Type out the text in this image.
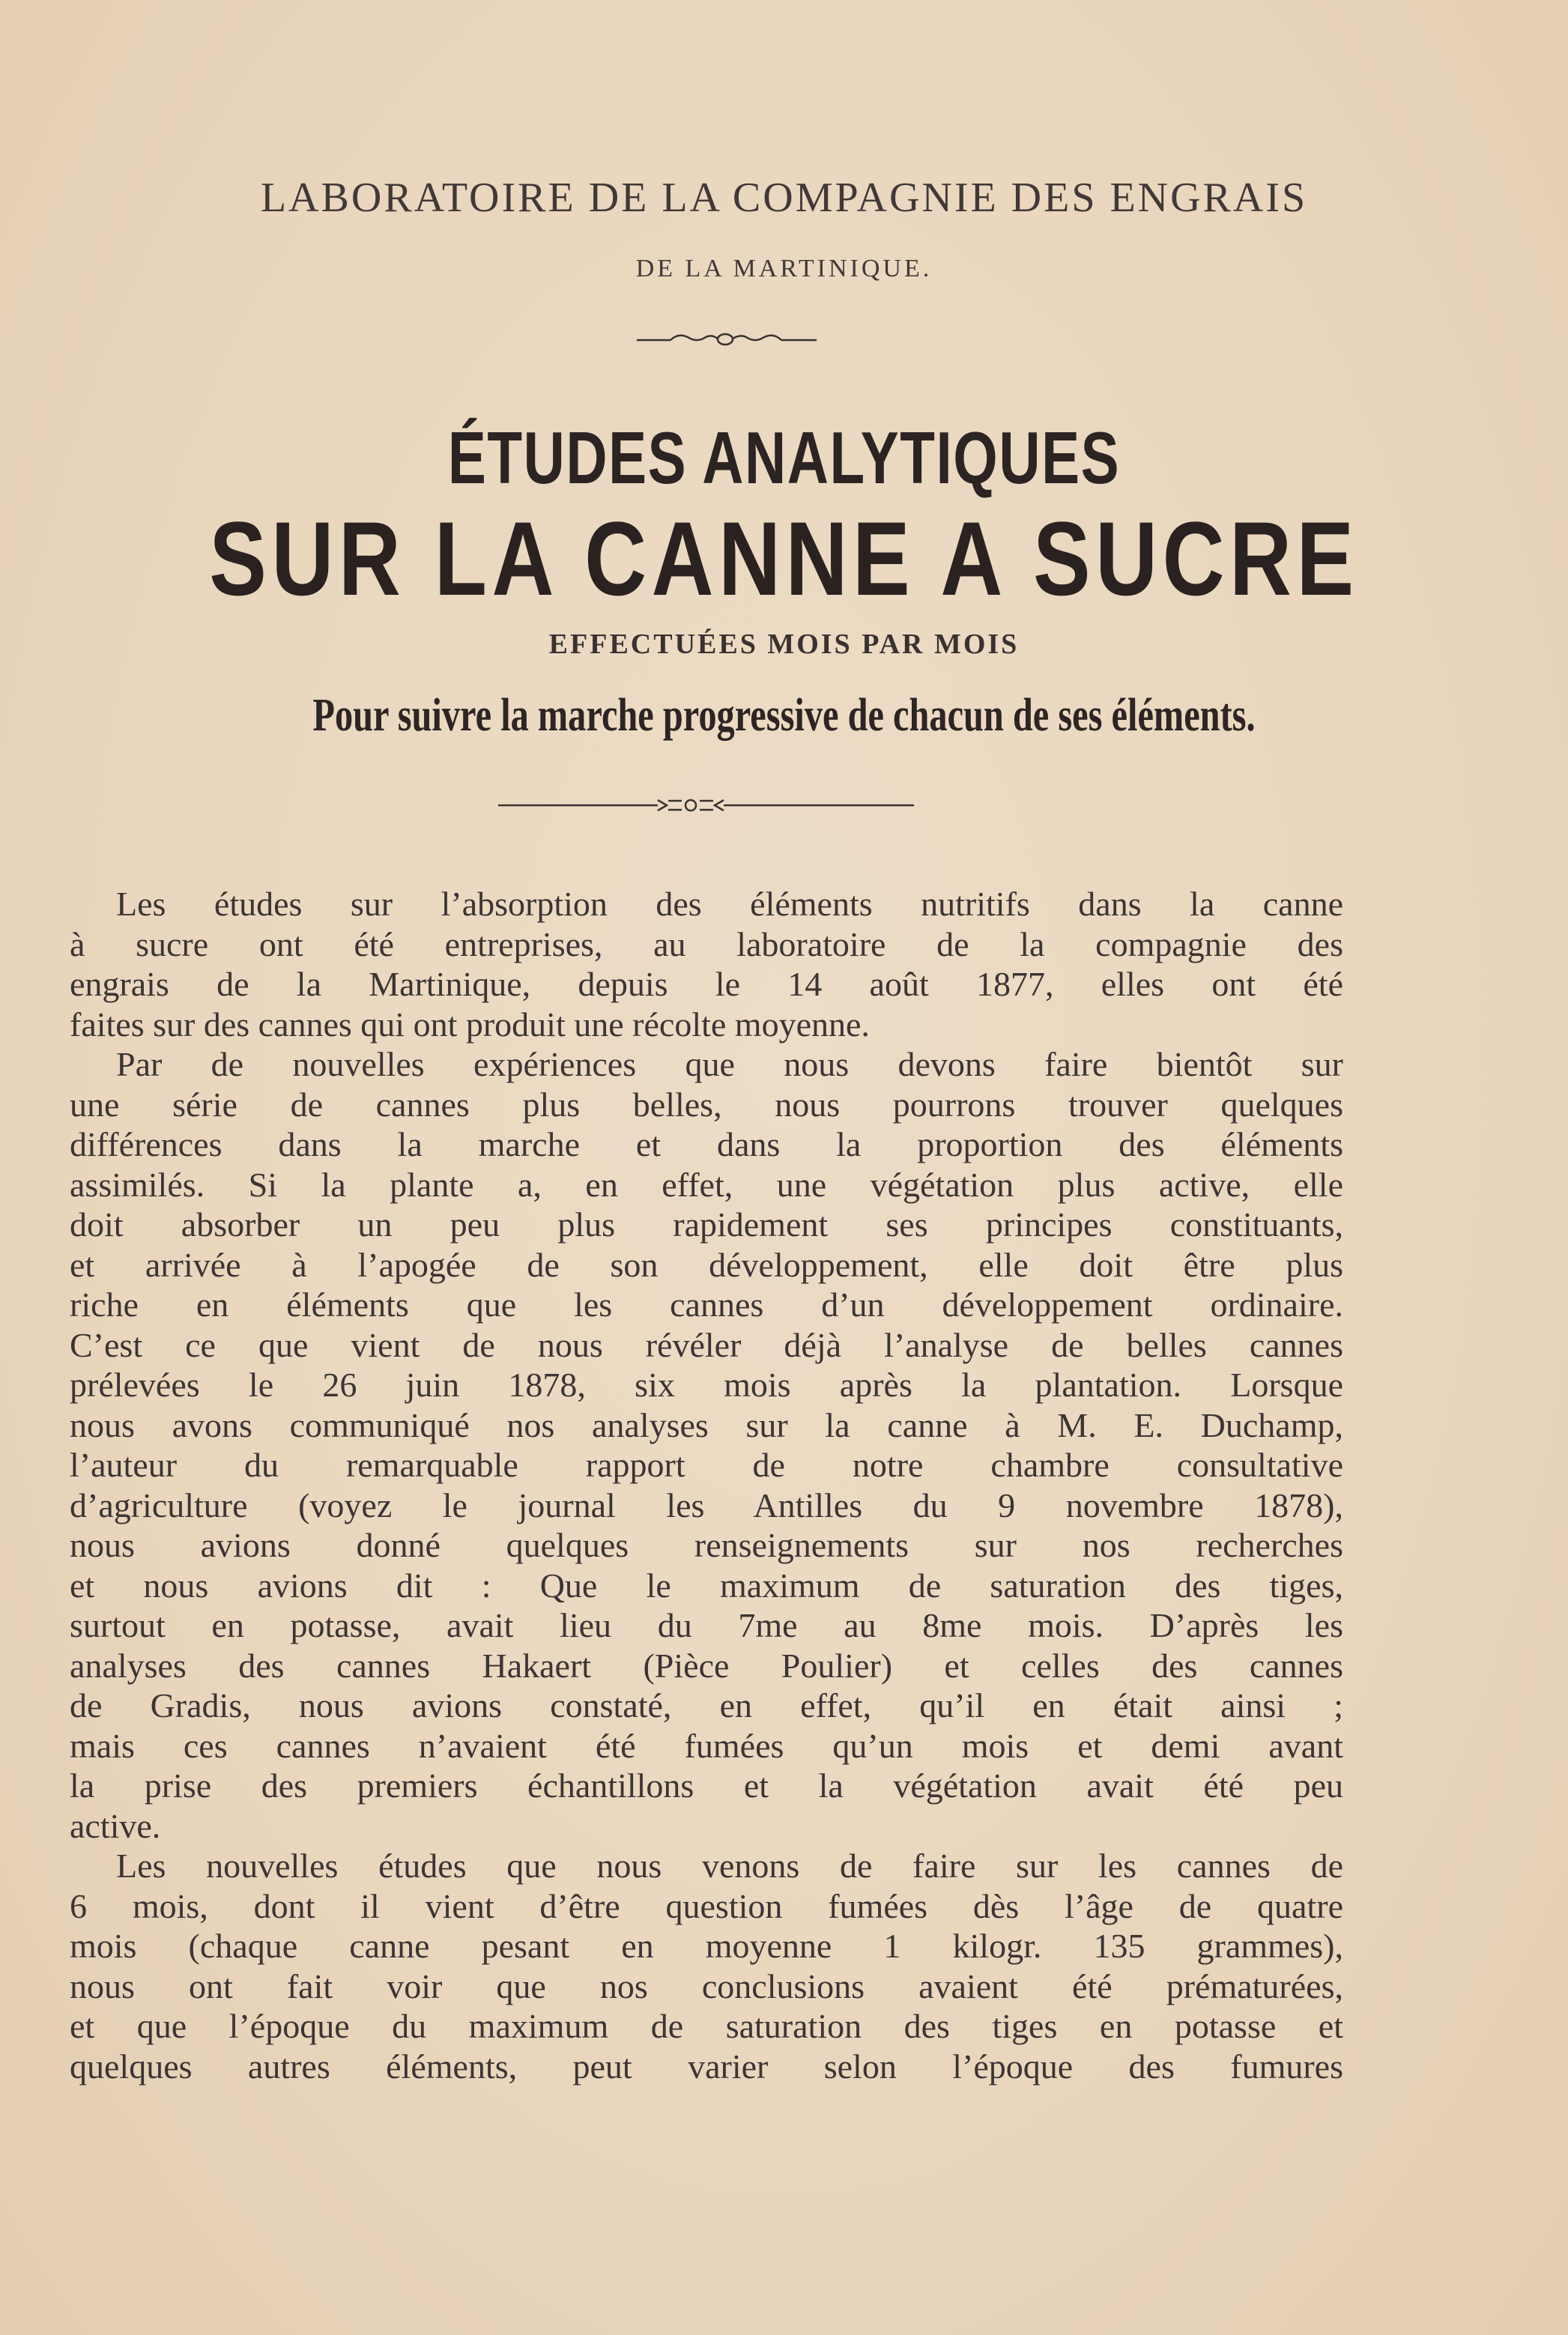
LABORATOIRE DE LA COMPAGNIE DES ENGRAIS
DE LA MARTINIQUE.
ÉTUDES ANALYTIQUES
SUR LA CANNE A SUCRE
EFFECTUÉES MOIS PAR MOIS
Pour suivre la marche progressive de chacun de ses éléments.
Les études sur l’absorption des éléments nutritifs dans la canne
à sucre ont été entreprises, au laboratoire de la compagnie des
engrais de la Martinique, depuis le 14 août 1877, elles ont été
faites sur des cannes qui ont produit une récolte moyenne.
Par de nouvelles expériences que nous devons faire bientôt sur
une série de cannes plus belles, nous pourrons trouver quelques
différences dans la marche et dans la proportion des éléments
assimilés. Si la plante a, en effet, une végétation plus active, elle
doit absorber un peu plus rapidement ses principes constituants,
et arrivée à l’apogée de son développement, elle doit être plus
riche en éléments que les cannes d’un développement ordinaire.
C’est ce que vient de nous révéler déjà l’analyse de belles cannes
prélevées le 26 juin 1878, six mois après la plantation. Lorsque
nous avons communiqué nos analyses sur la canne à M. E. Duchamp,
l’auteur du remarquable rapport de notre chambre consultative
d’agriculture (voyez le journal les Antilles du 9 novembre 1878),
nous avions donné quelques renseignements sur nos recherches
et nous avions dit : Que le maximum de saturation des tiges,
surtout en potasse, avait lieu du 7me au 8me mois. D’après les
analyses des cannes Hakaert (Pièce Poulier) et celles des cannes
de Gradis, nous avions constaté, en effet, qu’il en était ainsi ;
mais ces cannes n’avaient été fumées qu’un mois et demi avant
la prise des premiers échantillons et la végétation avait été peu
active.
Les nouvelles études que nous venons de faire sur les cannes de
6 mois, dont il vient d’être question fumées dès l’âge de quatre
mois (chaque canne pesant en moyenne 1 kilogr. 135 grammes),
nous ont fait voir que nos conclusions avaient été prématurées,
et que l’époque du maximum de saturation des tiges en potasse et
quelques autres éléments, peut varier selon l’époque des fumures
